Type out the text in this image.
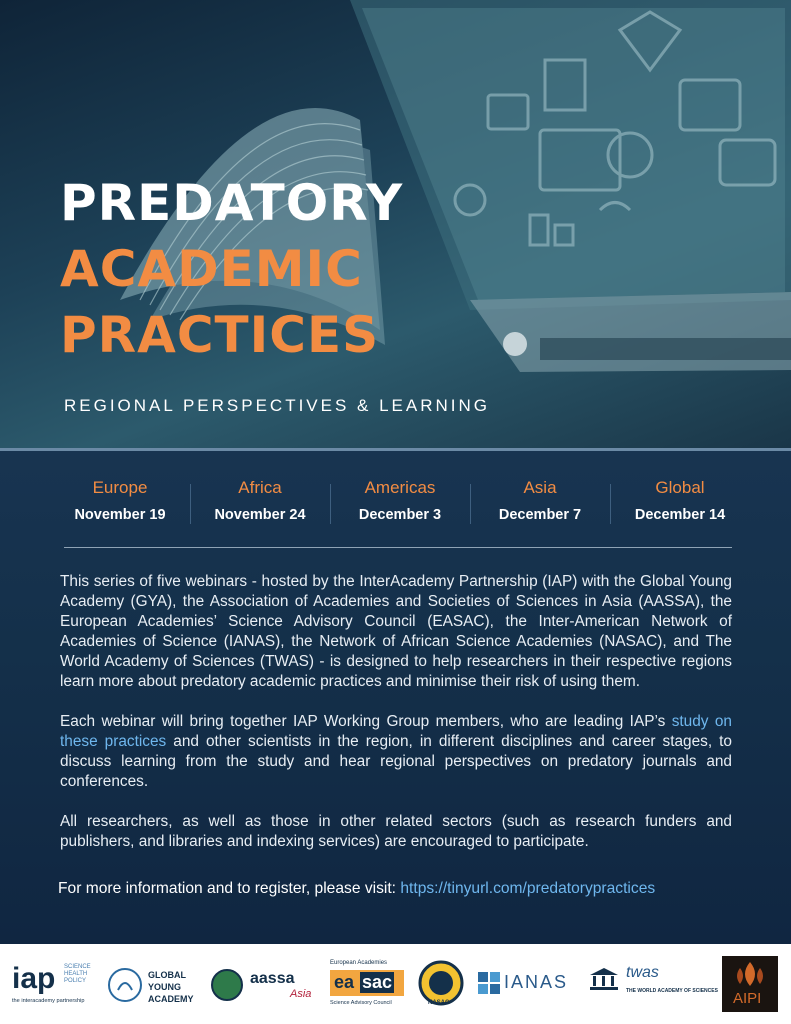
PREDATORY
ACADEMIC
PRACTICES
REGIONAL PERSPECTIVES & LEARNING
Europe
November 19
Africa
November 24
Americas
December 3
Asia
December 7
Global
December 14

This series of five webinars - hosted by the InterAcademy Partnership (IAP) with the Global Young Academy (GYA), the Association of Academies and Societies of Sciences in Asia (AASSA), the European Academies’ Science Advisory Council (EASAC), the Inter-American Network of Academies of Science (IANAS), the Network of African Science Academies (NASAC), and The World Academy of Sciences (TWAS) - is designed to help researchers in their respective regions learn more about predatory academic practices and minimise their risk of using them.

Each webinar will bring together IAP Working Group members, who are leading IAP’s study on these practices and other scientists in the region, in different disciplines and career stages, to discuss learning from the study and hear regional perspectives on predatory journals and conferences.

All researchers, as well as those in other related sectors (such as research funders and publishers, and libraries and indexing services) are encouraged to participate.

For more information and to register, please visit: https://tinyurl.com/predatorypractices
iap SCIENCE
HEALTH
POLICY
the interacademy partnership
GLOBAL
YOUNG
ACADEMY
aassa
Asia
European Academies
ea sac
Science Advisory Council	NASAC
IANAS	twas
THE WORLD ACADEMY OF SCIENCES AIPI
